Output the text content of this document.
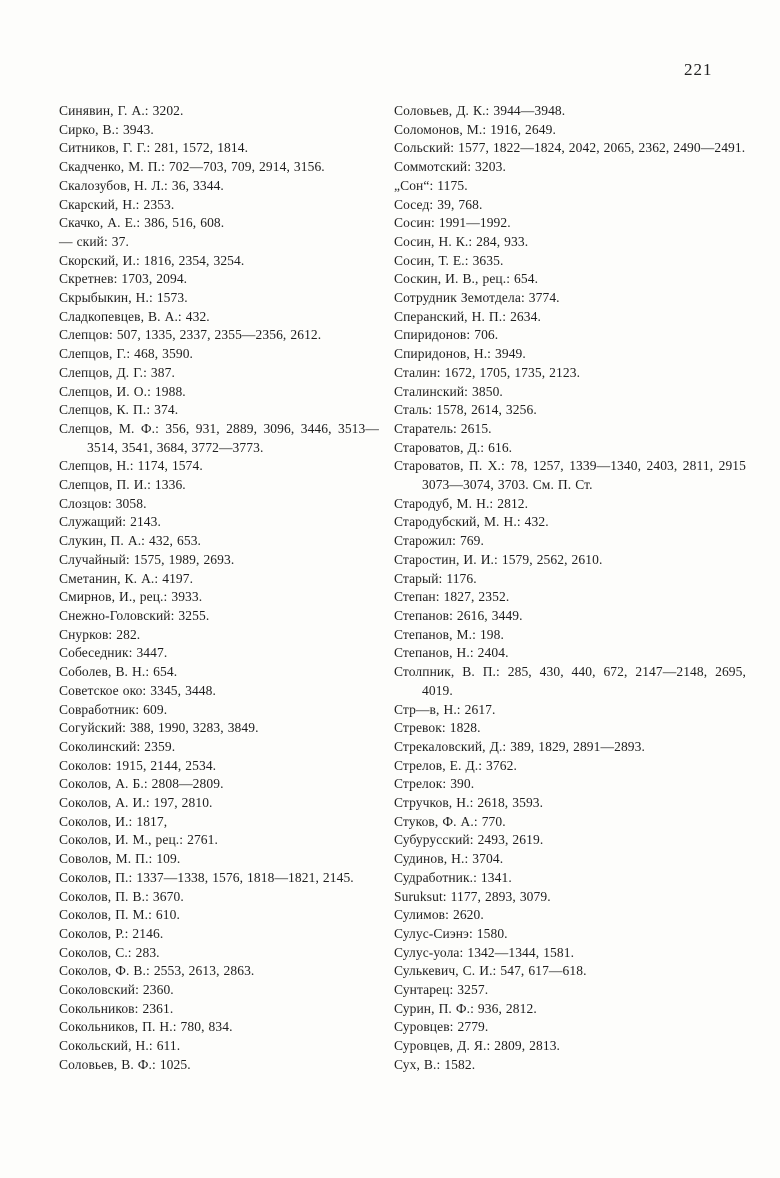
221

Синявин, Г. А.: 3202.

Сирко, В.: 3943.

Ситников, Г. Г.: 281, 1572, 1814.

Скадченко, М. П.: 702—703, 709, 2914, 3156.

Скалозубов, Н. Л.: 36, 3344.

Скарский, Н.: 2353.

Скачко, А. Е.: 386, 516, 608.

— ский: 37.

Скорский, И.: 1816, 2354, 3254.

Скретнев: 1703, 2094.

Скрыбыкин, Н.: 1573.

Сладкопевцев, В. А.: 432.

Слепцов: 507, 1335, 2337, 2355—2356, 2612.

Слепцов, Г.: 468, 3590.

Слепцов, Д. Г.: 387.

Слепцов, И. О.: 1988.

Слепцов, К. П.: 374.

Слепцов, М. Ф.: 356, 931, 2889, 3096, 3446, 3513—3514, 3541, 3684, 3772—3773.

Слепцов, Н.: 1174, 1574.

Слепцов, П. И.: 1336.

Слозцов: 3058.

Служащий: 2143.

Слукин, П. А.: 432, 653.

Случайный: 1575, 1989, 2693.

Сметанин, К. А.: 4197.

Смирнов, И., рец.: 3933.

Снежно-Головский: 3255.

Снурков: 282.

Собеседник: 3447.

Соболев, В. Н.: 654.

Советское око: 3345, 3448.

Совработник: 609.

Согуйский: 388, 1990, 3283, 3849.

Соколинский: 2359.

Соколов: 1915, 2144, 2534.

Соколов, А. Б.: 2808—2809.

Соколов, А. И.: 197, 2810.

Соколов, И.: 1817,

Соколов, И. М., рец.: 2761.

Соволов, М. П.: 109.

Соколов, П.: 1337—1338, 1576, 1818—1821, 2145.

Соколов, П. В.: 3670.

Соколов, П. М.: 610.

Соколов, Р.: 2146.

Соколов, С.: 283.

Соколов, Ф. В.: 2553, 2613, 2863.

Соколовский: 2360.

Сокольников: 2361.

Сокольников, П. Н.: 780, 834.

Сокольский, Н.: 611.

Соловьев, В. Ф.: 1025.

Соловьев, Д. К.: 3944—3948.

Соломонов, М.: 1916, 2649.

Сольский: 1577, 1822—1824, 2042, 2065, 2362, 2490—2491.

Соммотский: 3203.

„Сон“: 1175.

Сосед: 39, 768.

Сосин: 1991—1992.

Сосин, Н. К.: 284, 933.

Сосин, Т. Е.: 3635.

Соскин, И. В., рец.: 654.

Сотрудник Земотдела: 3774.

Сперанский, Н. П.: 2634.

Спиридонов: 706.

Спиридонов, Н.: 3949.

Сталин: 1672, 1705, 1735, 2123.

Сталинский: 3850.

Сталь: 1578, 2614, 3256.

Старатель: 2615.

Староватов, Д.: 616.

Староватов, П. Х.: 78, 1257, 1339—1340, 2403, 2811, 2915 3073—3074, 3703. См. П. Ст.

Стародуб, М. Н.: 2812.

Стародубский, М. Н.: 432.

Старожил: 769.

Старостин, И. И.: 1579, 2562, 2610.

Старый: 1176.

Степан: 1827, 2352.

Степанов: 2616, 3449.

Степанов, М.: 198.

Степанов, Н.: 2404.

Столпник, В. П.: 285, 430, 440, 672, 2147—2148, 2695, 4019.

Стр—в, Н.: 2617.

Стревок: 1828.

Стрекаловский, Д.: 389, 1829, 2891—2893.

Стрелов, Е. Д.: 3762.

Стрелок: 390.

Стручков, Н.: 2618, 3593.

Стуков, Ф. А.: 770.

Субурусский: 2493, 2619.

Судинов, Н.: 3704.

Судработник.: 1341.

Suruksut: 1177, 2893, 3079.

Сулимов: 2620.

Сулус-Сиэнэ: 1580.

Сулус-уола: 1342—1344, 1581.

Сулькевич, С. И.: 547, 617—618.

Сунтарец: 3257.

Сурин, П. Ф.: 936, 2812.

Суровцев: 2779.

Суровцев, Д. Я.: 2809, 2813.

Сух, В.: 1582.
